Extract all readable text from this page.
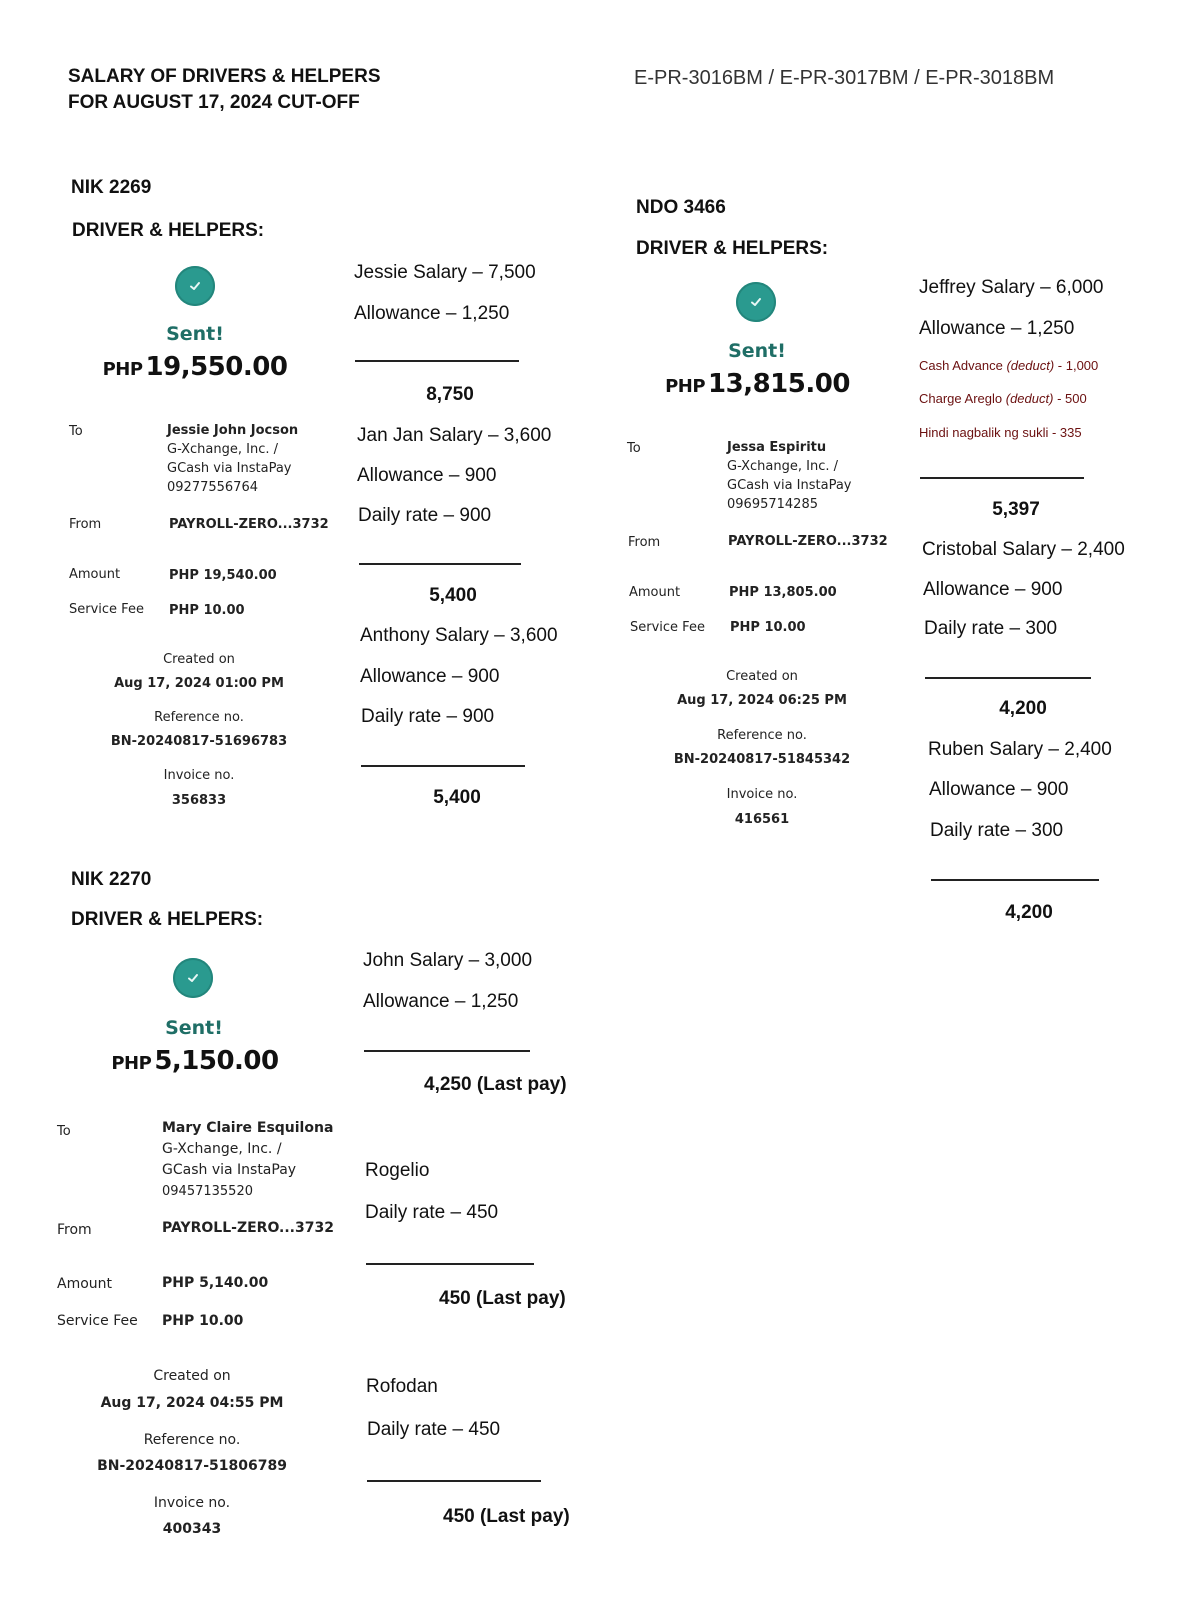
SALARY OF DRIVERS & HELPERS
FOR AUGUST 17, 2024 CUT-OFF
E-PR-3016BM / E-PR-3017BM / E-PR-3018BM
NIK 2269
DRIVER & HELPERS:
Sent!
PHP 19,550.00
To	Jessie John Jocson
G-Xchange, Inc. /
GCash via InstaPay
09277556764
From	PAYROLL-ZERO...3732
Amount	PHP 19,540.00
Service Fee PHP 10.00
Created on
Aug 17, 2024 01:00 PM
Reference no.
BN-20240817-51696783
Invoice no.
356833
Jessie Salary – 7,500
Allowance – 1,250
8,750
Jan Jan Salary – 3,600
Allowance – 900
Daily rate – 900
5,400
Anthony Salary – 3,600
Allowance – 900
Daily rate – 900
5,400
NDO 3466
DRIVER & HELPERS:
Sent!
PHP 13,815.00
To	Jessa Espiritu
G-Xchange, Inc. /
GCash via InstaPay
09695714285
From	PAYROLL-ZERO...3732
Amount	PHP 13,805.00
Service Fee PHP 10.00
Created on
Aug 17, 2024 06:25 PM
Reference no.
BN-20240817-51845342
Invoice no.
416561
Jeffrey Salary – 6,000
Allowance – 1,250
Cash Advance (deduct) - 1,000
Charge Areglo (deduct) - 500
Hindi nagbalik ng sukli - 335
5,397
Cristobal Salary – 2,400
Allowance – 900
Daily rate – 300
4,200
Ruben Salary – 2,400
Allowance – 900
Daily rate – 300
4,200
NIK 2270
DRIVER & HELPERS:
Sent!
PHP 5,150.00
To	Mary Claire Esquilona
G-Xchange, Inc. /
GCash via InstaPay
09457135520
From	PAYROLL-ZERO...3732
Amount	PHP 5,140.00
Service Fee PHP 10.00
Created on
Aug 17, 2024 04:55 PM
Reference no.
BN-20240817-51806789
Invoice no.
400343
John Salary – 3,000
Allowance – 1,250
4,250 (Last pay)
Rogelio
Daily rate – 450
450 (Last pay)
Rofodan
Daily rate – 450
450 (Last pay)
